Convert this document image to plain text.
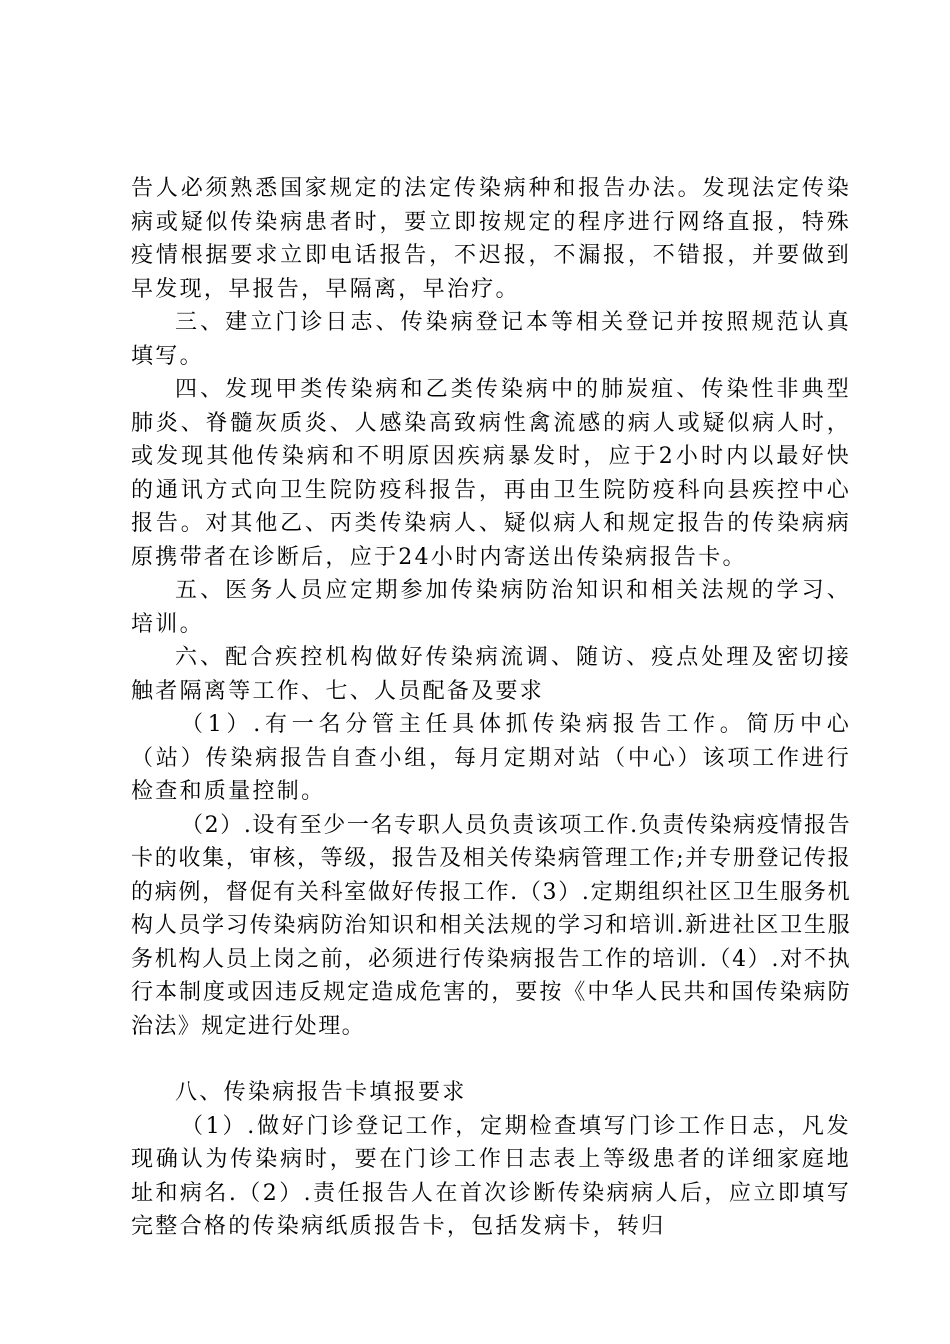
告人必须熟悉国家规定的法定传染病种和报告办法。发现法定传染病或疑似传染病患者时，要立即按规定的程序进行网络直报，特殊疫情根据要求立即电话报告，不迟报，不漏报，不错报，并要做到早发现，早报告，早隔离，早治疗。

三、建立门诊日志、传染病登记本等相关登记并按照规范认真填写。

四、发现甲类传染病和乙类传染病中的肺炭疽、传染性非典型肺炎、脊髓灰质炎、人感染高致病性禽流感的病人或疑似病人时，或发现其他传染病和不明原因疾病暴发时，应于2小时内以最好快的通讯方式向卫生院防疫科报告，再由卫生院防疫科向县疾控中心报告。对其他乙、丙类传染病人、疑似病人和规定报告的传染病病原携带者在诊断后，应于24小时内寄送出传染病报告卡。

五、医务人员应定期参加传染病防治知识和相关法规的学习、培训。

六、配合疾控机构做好传染病流调、随访、疫点处理及密切接触者隔离等工作、七、人员配备及要求

（1）.有一名分管主任具体抓传染病报告工作。简历中心（站）传染病报告自查小组，每月定期对站（中心）该项工作进行检查和质量控制。

（2）.设有至少一名专职人员负责该项工作.负责传染病疫情报告卡的收集，审核，等级，报告及相关传染病管理工作;并专册登记传报的病例，督促有关科室做好传报工作.（3）.定期组织社区卫生服务机构人员学习传染病防治知识和相关法规的学习和培训.新进社区卫生服务机构人员上岗之前，必须进行传染病报告工作的培训.（4）.对不执行本制度或因违反规定造成危害的，要按《中华人民共和国传染病防治法》规定进行处理。

八、传染病报告卡填报要求

（1）.做好门诊登记工作，定期检查填写门诊工作日志，凡发现确认为传染病时，要在门诊工作日志表上等级患者的详细家庭地址和病名.（2）.责任报告人在首次诊断传染病病人后，应立即填写完整合格的传染病纸质报告卡，包括发病卡，转归
